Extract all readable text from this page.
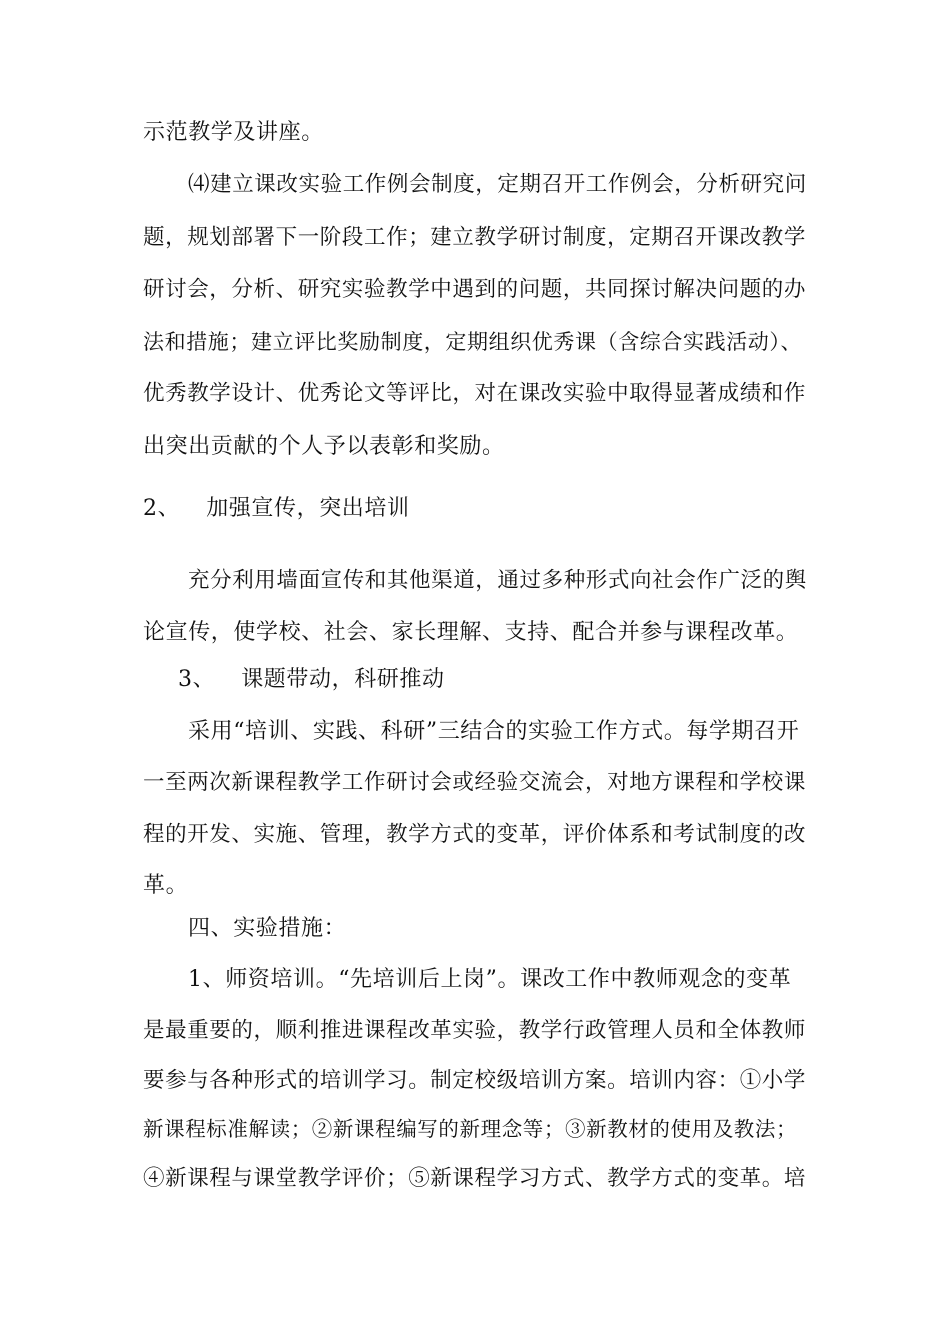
示范教学及讲座。
⑷建立课改实验工作例会制度，定期召开工作例会，分析研究问
题，规划部署下一阶段工作；建立教学研讨制度，定期召开课改教学
研讨会，分析、研究实验教学中遇到的问题，共同探讨解决问题的办
法和措施；建立评比奖励制度，定期组织优秀课（含综合实践活动）、
优秀教学设计、优秀论文等评比，对在课改实验中取得显著成绩和作
出突出贡献的个人予以表彰和奖励。
2、 加强宣传，突出培训
充分利用墙面宣传和其他渠道，通过多种形式向社会作广泛的舆
论宣传，使学校、社会、家长理解、支持、配合并参与课程改革。
3、 课题带动，科研推动
采用“培训、实践、科研”三结合的实验工作方式。每学期召开
一至两次新课程教学工作研讨会或经验交流会，对地方课程和学校课
程的开发、实施、管理，教学方式的变革，评价体系和考试制度的改
革。
四、实验措施：
1、师资培训。“先培训后上岗”。课改工作中教师观念的变革
是最重要的，顺利推进课程改革实验，教学行政管理人员和全体教师
要参与各种形式的培训学习。制定校级培训方案。培训内容：①小学
新课程标准解读；②新课程编写的新理念等；③新教材的使用及教法；
④新课程与课堂教学评价；⑤新课程学习方式、教学方式的变革。培
